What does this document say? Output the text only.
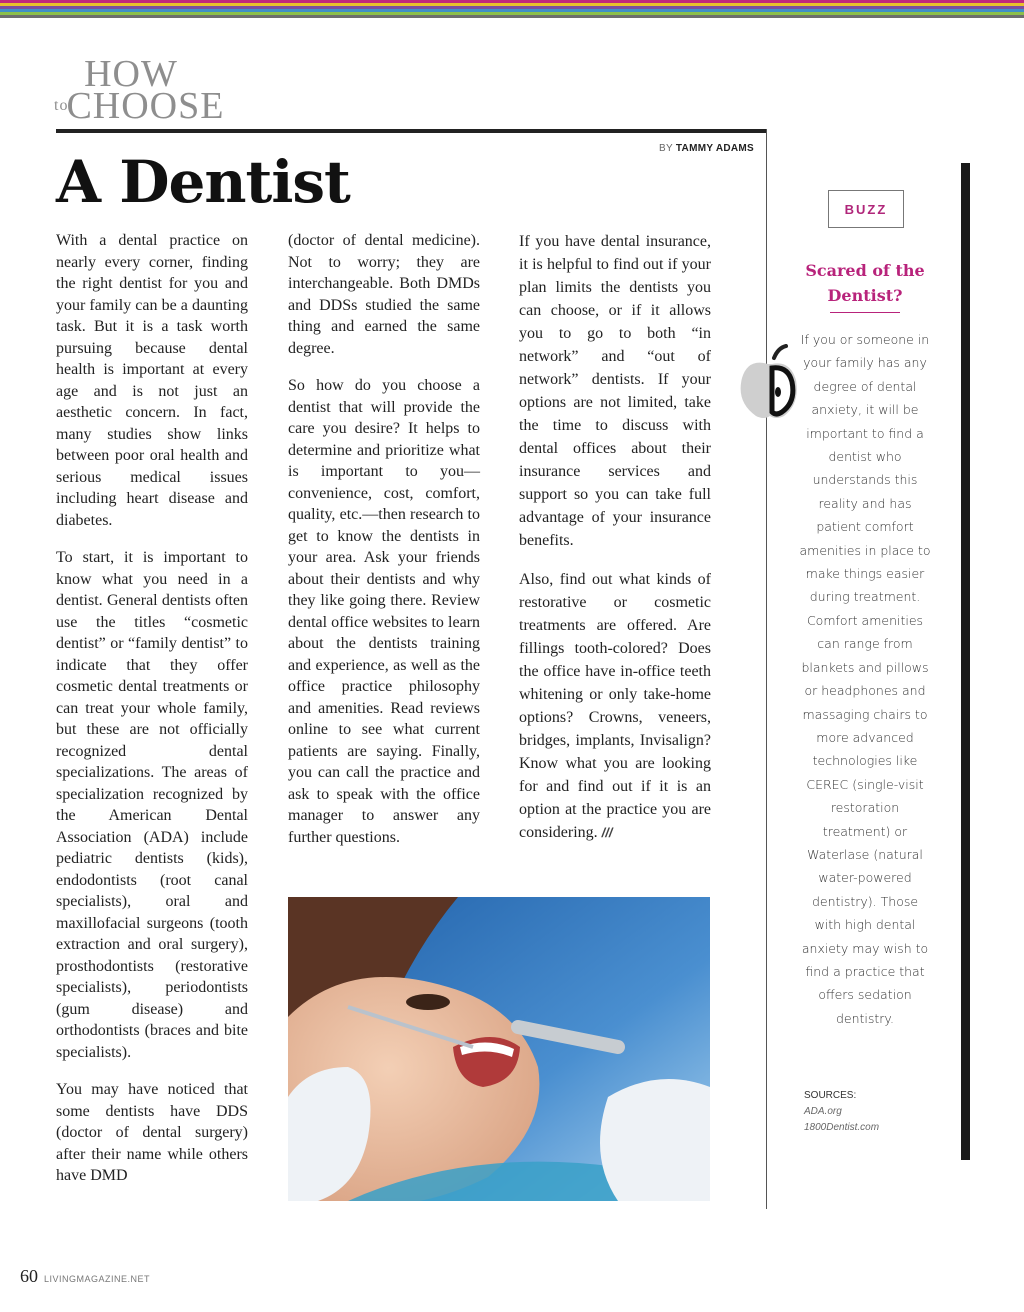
HOW
$^{to}$CHOOSE
BY TAMMY ADAMS
A Dentist

With a dental practice on nearly every corner, finding the right dentist for you and your family can be a daunting task. But it is a task worth pursuing because dental health is important at every age and is not just an aesthetic concern. In fact, many studies show links between poor oral health and serious medical issues including heart disease and diabetes.

To start, it is important to know what you need in a dentist. General dentists often use the titles “cosmetic dentist” or “family dentist” to indicate that they offer cosmetic dental treatments or can treat your whole family, but these are not officially recognized dental specializations. The areas of specialization recognized by the American Dental Association (ADA) include pediatric dentists (kids), endodontists (root canal specialists), oral and maxillofacial surgeons (tooth extraction and oral surgery), prosthodontists (restorative specialists), periodontists (gum disease) and orthodontists (braces and bite specialists).

You may have noticed that some dentists have DDS (doctor of dental surgery) after their name while others have DMD

(doctor of dental medicine). Not to worry; they are interchangeable. Both DMDs and DDSs studied the same thing and earned the same degree.

So how do you choose a dentist that will provide the care you desire? It helps to determine and prioritize what is important to you—convenience, cost, comfort, quality, etc.—then research to get to know the dentists in your area. Ask your friends about their dentists and why they like going there. Review dental office websites to learn about the dentists training and experience, as well as the office practice philosophy and amenities. Read reviews online to see what current patients are saying. Finally, you can call the practice and ask to speak with the office manager to answer any further questions.

If you have dental insurance, it is helpful to find out if your plan limits the dentists you can choose, or if it allows you to go to both “in network” and “out of network” dentists. If your options are not limited, take the time to discuss with dental offices about their insurance services and support so you can take full advantage of your insurance benefits.

Also, find out what kinds of restorative or cosmetic treatments are offered. Are fillings tooth-colored? Does the office have in-office teeth whitening or only take-home options? Crowns, veneers, bridges, implants, Invisalign? Know what you are looking for and find out if it is an option at the practice you are considering. ///

BUZZ
Scared of the
Dentist?
If you or someone in your family has any degree of dental anxiety, it will be important to find a dentist who understands this reality and has patient comfort amenities in place to make things easier during treatment. Comfort amenities can range from blankets and pillows or headphones and massaging chairs to more advanced technologies like CEREC (single-visit restoration treatment) or Waterlase (natural water-powered dentistry). Those with high dental anxiety may wish to find a practice that offers sedation dentistry.
SOURCES:
ADA.org
1800Dentist.com
60 LIVINGMAGAZINE.NET
